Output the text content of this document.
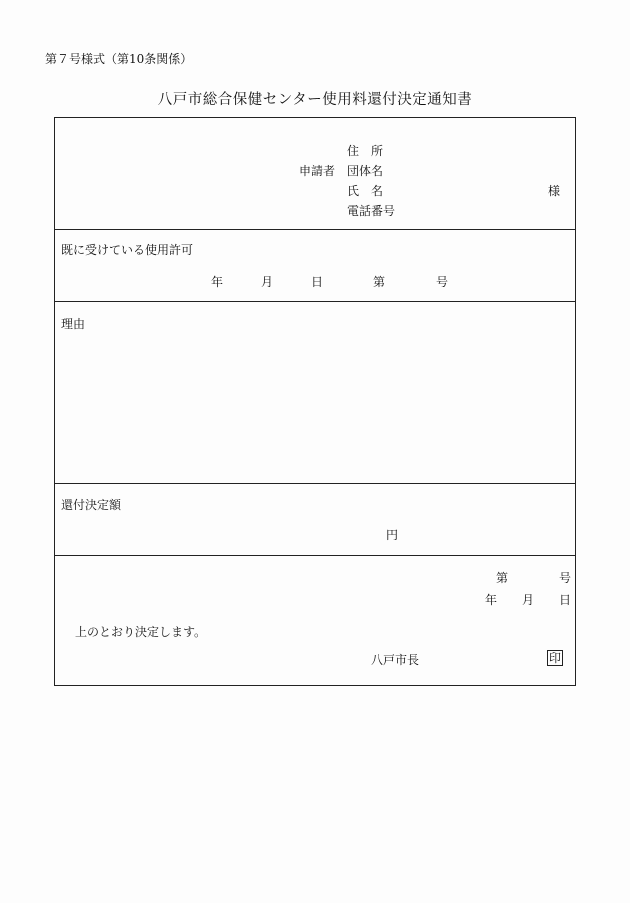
第７号様式（第10条関係）
八戸市総合保健センター使用料還付決定通知書
申請者
住　所
団体名
氏　名	様
電話番号
既に受けている使用許可
年	月	日	第	号
理由
還付決定額
円
第	号
年 月 日
上のとおり決定します。
八戸市長	印
